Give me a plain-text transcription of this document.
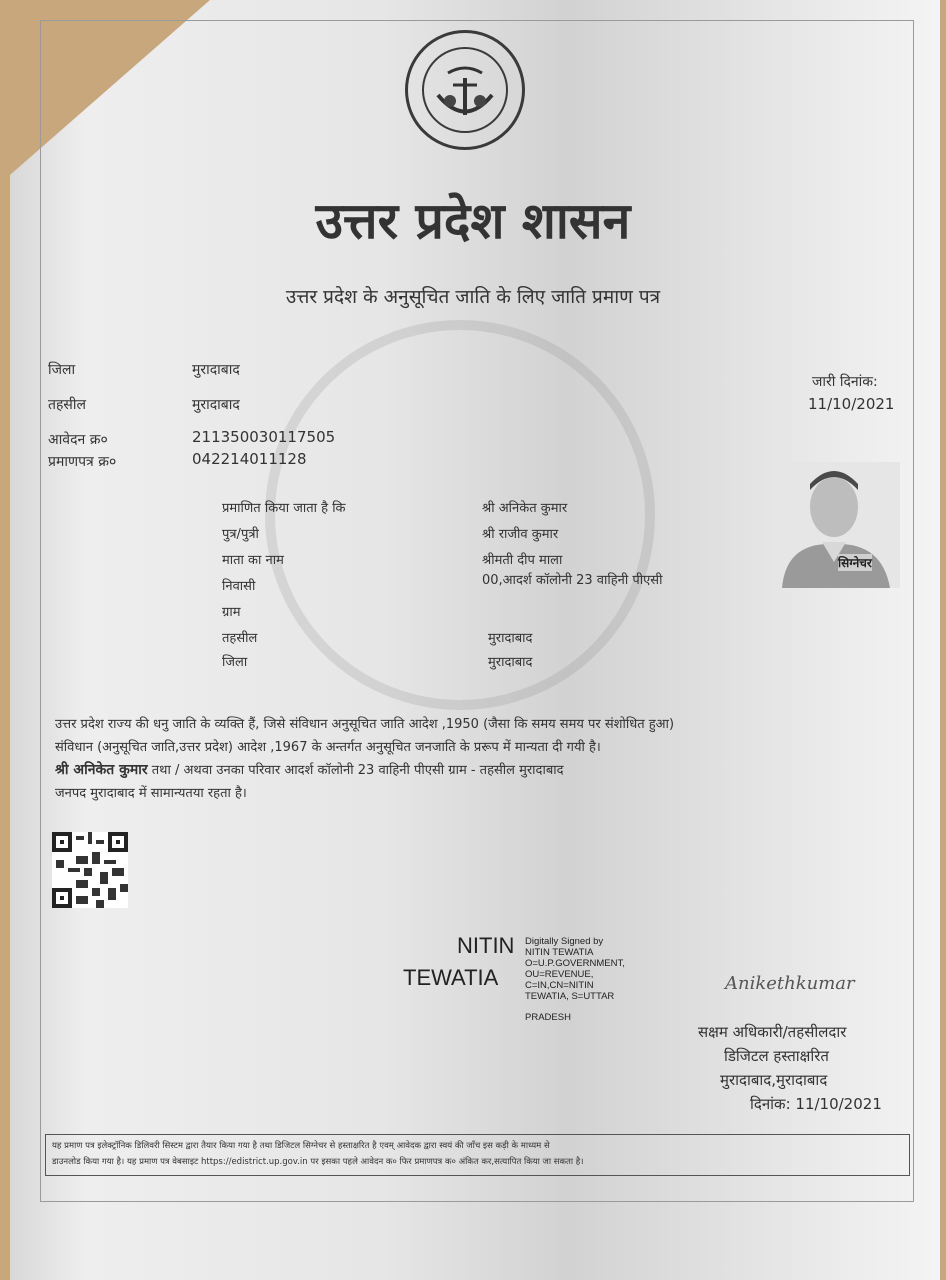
उत्तर प्रदेश शासन
उत्तर प्रदेश के अनुसूचित जाति के लिए जाति प्रमाण पत्र
जिला	मुरादाबाद
तहसील	मुरादाबाद
आवेदन क्र०	211350030117505
प्रमाणपत्र क्र०	042214011128
जारी दिनांक:
11/10/2021
प्रमाणित किया जाता है कि	श्री अनिकेत कुमार
पुत्र/पुत्री	श्री राजीव कुमार
माता का नाम	श्रीमती दीप माला
निवासी	00,आदर्श कॉलोनी 23 वाहिनी पीएसी
ग्राम
तहसील	मुरादाबाद
जिला	मुरादाबाद
सिग्नेचर
उत्तर प्रदेश राज्य की धनु जाति के व्यक्ति हैं, जिसे संविधान अनुसूचित जाति आदेश ,1950 (जैसा कि समय समय पर संशोधित हुआ)
संविधान (अनुसूचित जाति,उत्तर प्रदेश) आदेश ,1967 के अन्तर्गत अनुसूचित जनजाति के प्ररूप में मान्यता दी गयी है।
श्री अनिकेत कुमार तथा / अथवा उनका परिवार आदर्श कॉलोनी 23 वाहिनी पीएसी ग्राम - तहसील मुरादाबाद
जनपद मुरादाबाद में सामान्यतया रहता है।
NITIN
TEWATIA
Digitally Signed by
NITIN TEWATIA
O=U.P.GOVERNMENT,
OU=REVENUE,
C=IN,CN=NITIN
TEWATIA, S=UTTAR
PRADESH
Anikethkumar
सक्षम अधिकारी/तहसीलदार
डिजिटल हस्ताक्षरित
मुरादाबाद,मुरादाबाद
दिनांक: 11/10/2021
यह प्रमाण पत्र इलेक्ट्रॉनिक डिलिवरी सिस्टम द्वारा तैयार किया गया है तथा डिजिटल सिग्नेचर से हस्ताक्षरित है एवम् आवेदक द्वारा स्वयं की जाँच इस कड़ी के माध्यम से
डाउनलोड किया गया है। यह प्रमाण पत्र वेबसाइट https://edistrict.up.gov.in पर इसका पहले आवेदन क० फिर प्रमाणपत्र क० अंकित कर,सत्यापित किया जा सकता है।
